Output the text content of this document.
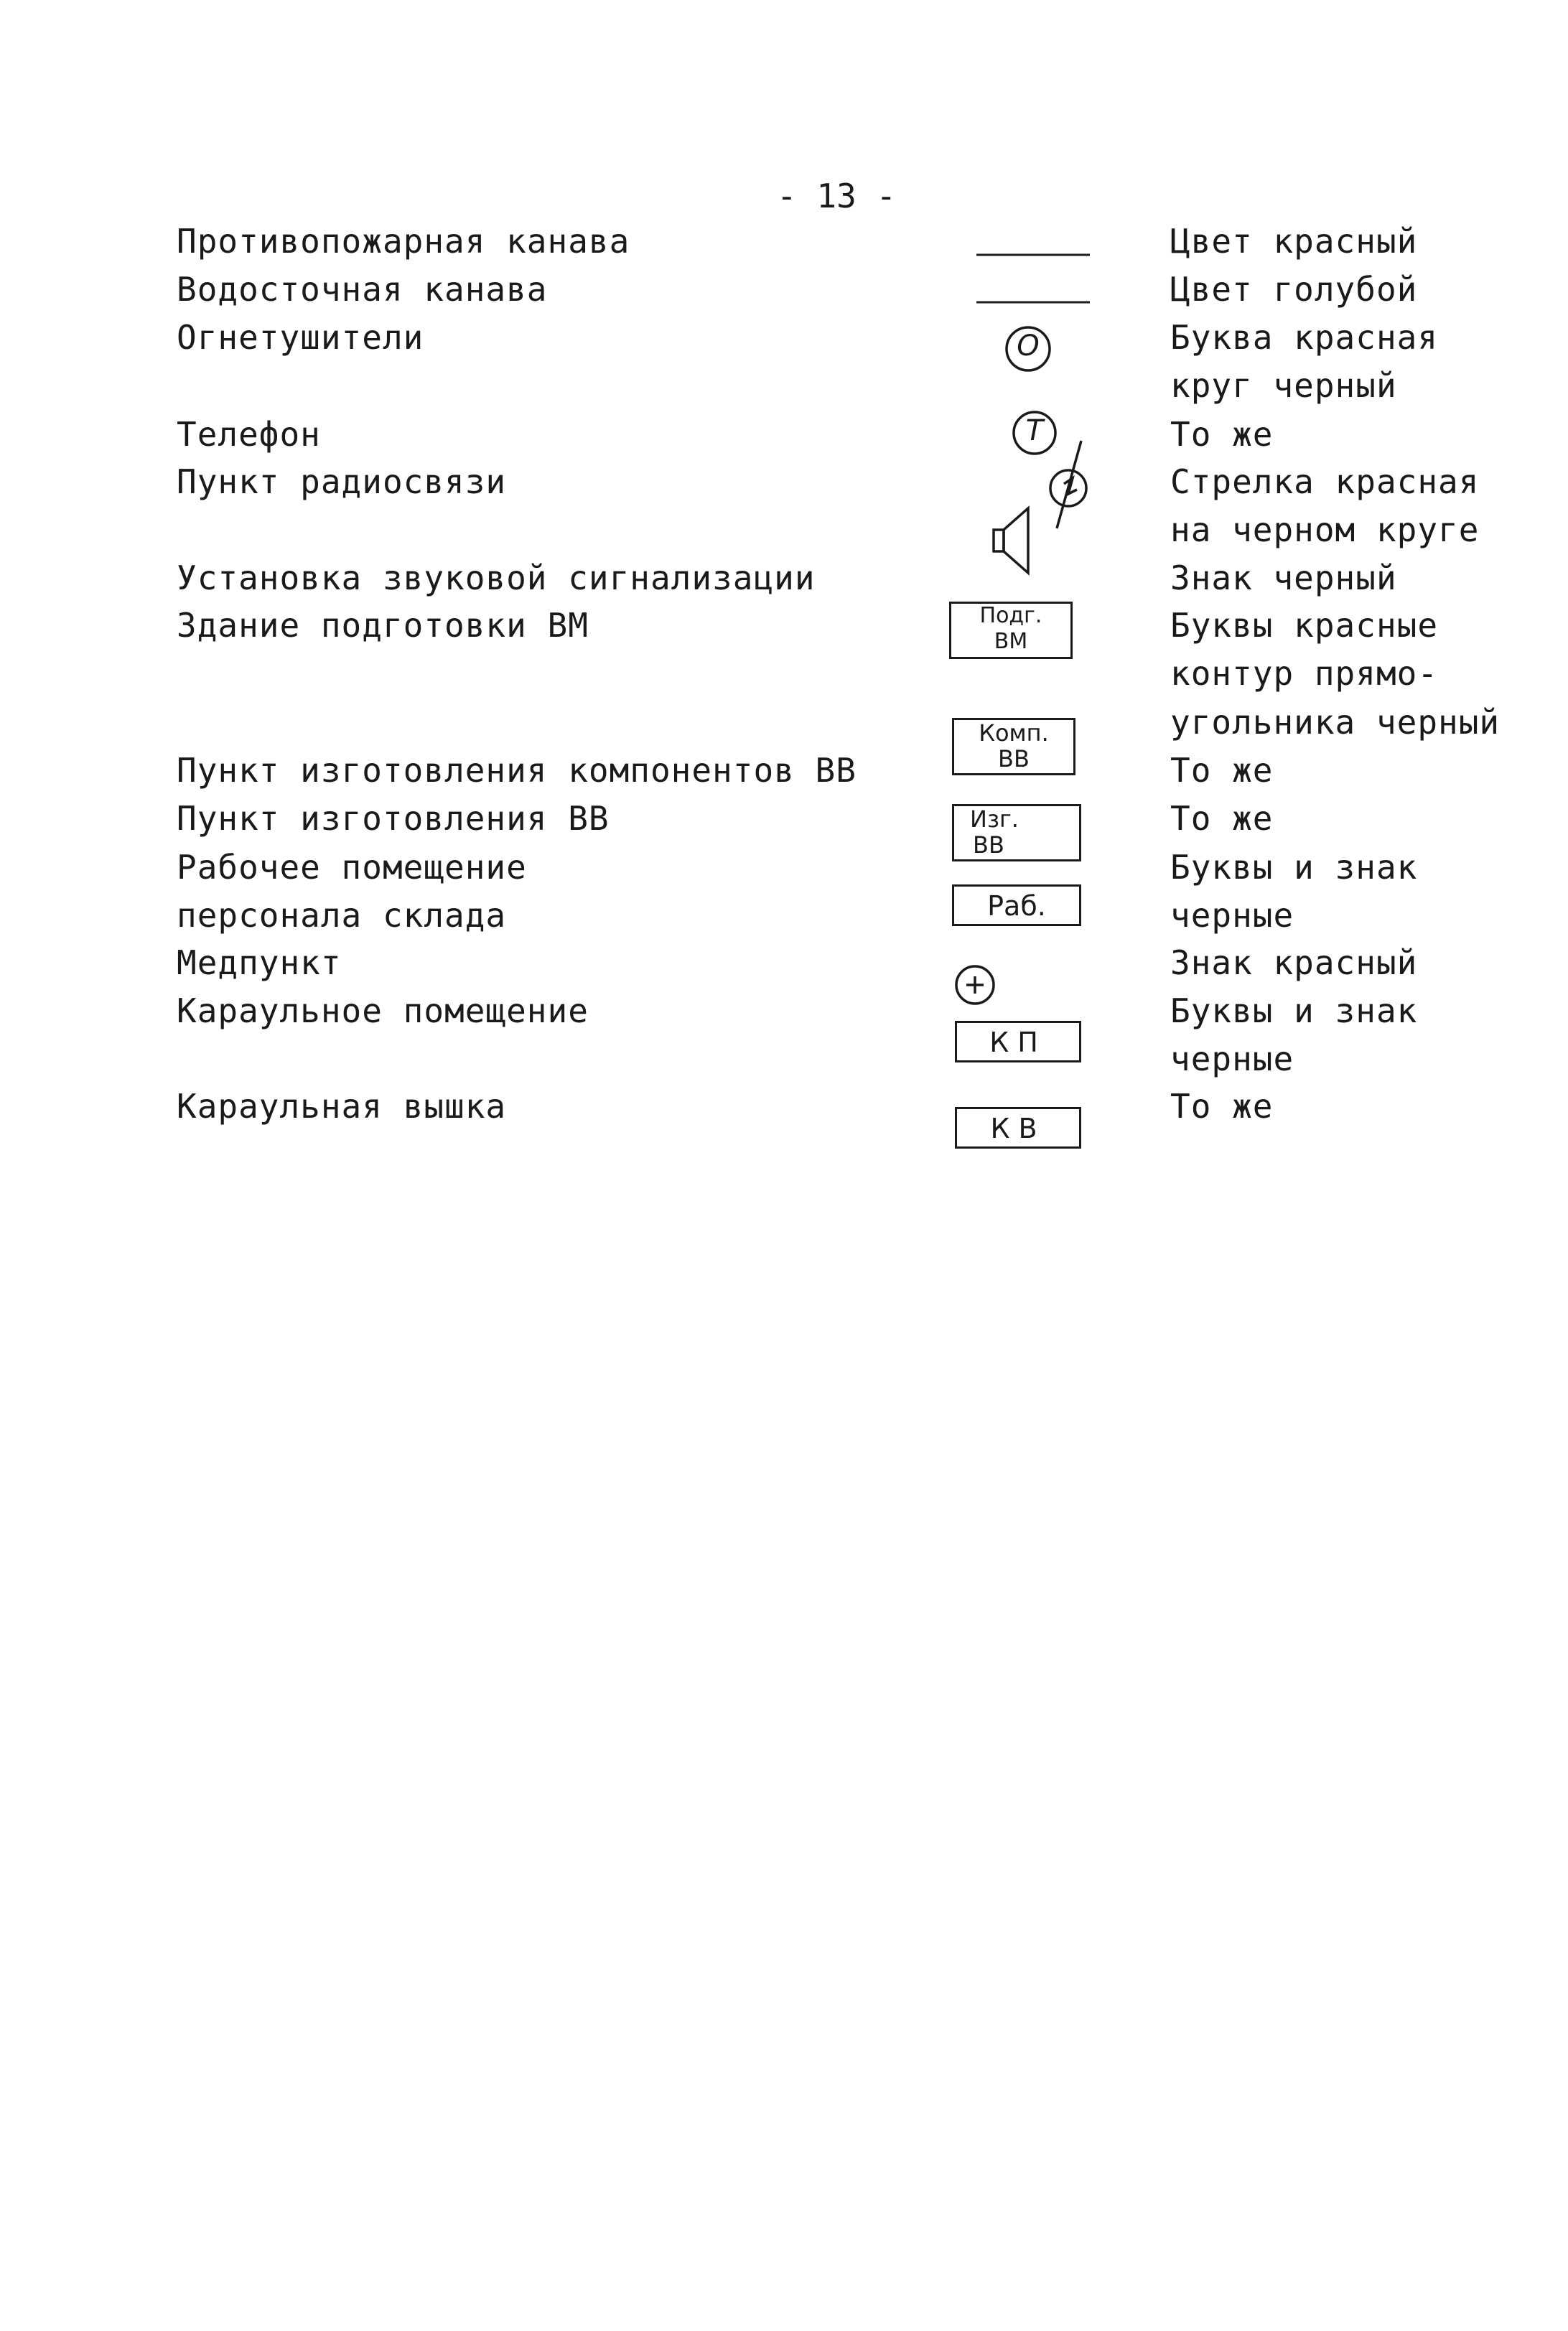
- 13 -
Противопожарная канава
Водосточная канава
Огнетушители
Телефон
Пункт радиосвязи
Установка звуковой сигнализации
Здание подготовки ВМ
Пункт изготовления компонентов ВВ
Пункт изготовления ВВ
Рабочее помещение
персонала склада
Медпункт
Караульное помещение
Караульная вышка
Цвет красный
Цвет голубой
Буква красная
круг черный
То же
Стрелка красная
на черном круге
Знак черный
Буквы красные
контур прямо-
угольника черный
То же
То же
Буквы и знак
черные
Знак красный
Буквы и знак
черные
То же
О
Т
Подг.
ВМ
Комп.
ВВ
Изг.
ВВ
Раб.
КП
КВ
